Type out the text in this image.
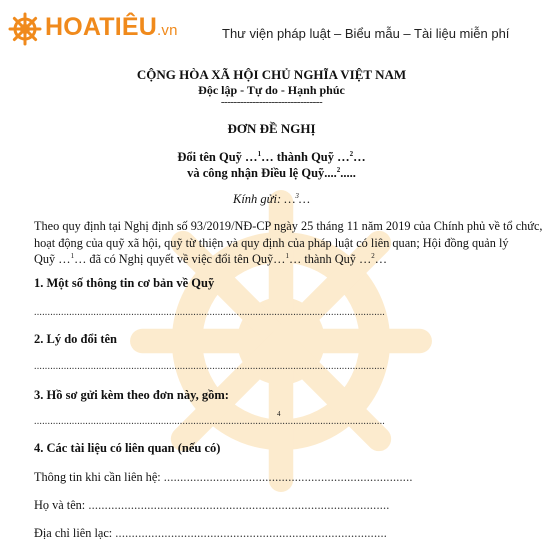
HOATIÊU.vn	Thư viện pháp luật – Biểu mẫu – Tài liệu miễn phí
CỘNG HÒA XÃ HỘI CHỦ NGHĨA VIỆT NAM
Độc lập - Tự do - Hạnh phúc
--------------------------------
ĐƠN ĐỀ NGHỊ
Đổi tên Quỹ …$^1$… thành Quỹ …$^2$…
và công nhận Điều lệ Quỹ....$^2$.....
Kính gửi: …$^3$…
Theo quy định tại Nghị định số 93/2019/NĐ-CP ngày 25 tháng 11 năm 2019 của Chính phủ về tổ chức,
hoạt động của quỹ xã hội, quỹ từ thiện và quy định của pháp luật có liên quan; Hội đồng quản lý
Quỹ …$^1$… đã có Nghị quyết về việc đổi tên Quỹ…$^1$… thành Quỹ …$^2$…
1. Một số thông tin cơ bản về Quỹ
..................................................................................................................................
2. Lý do đổi tên
..................................................................................................................................
3. Hồ sơ gửi kèm theo đơn này, gồm:
4
..................................................................................................................................
4. Các tài liệu có liên quan (nếu có)
Thông tin khi cần liên hệ: ............................................................................
Họ và tên: ............................................................................................
Địa chỉ liên lạc: ...................................................................................
